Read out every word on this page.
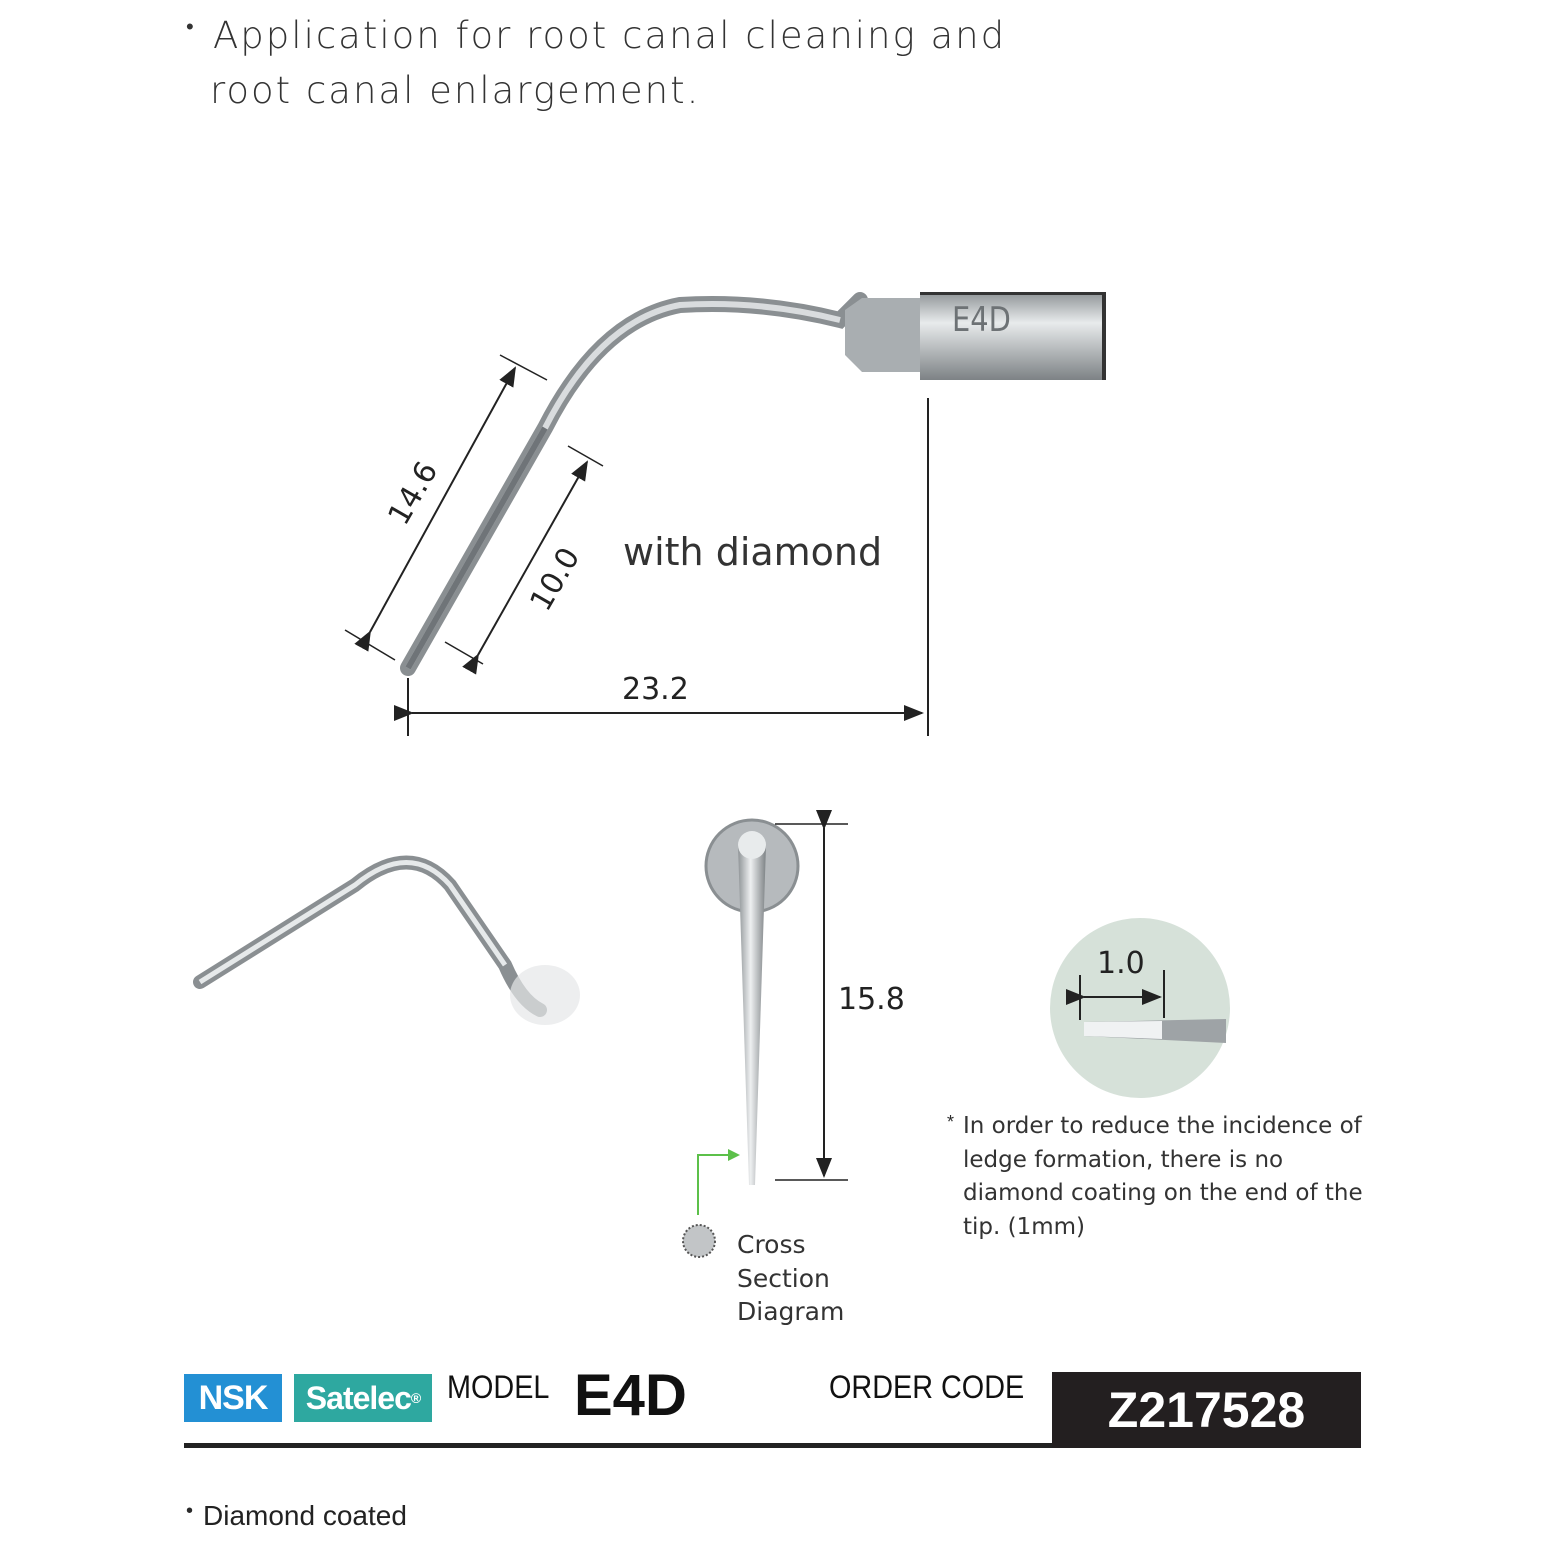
• Application for root canal cleaning and
root canal enlargement.
E4D
14.6
10.0 with diamond
23.2
15.8
1.0
Cross
Section
Diagram
* In order to reduce the incidence of ledge formation, there is no diamond coating on the end of the tip. (1mm)
NSK	Satelec ® MODEL E4D	ORDER CODE	Z217528
• Diamond coated
